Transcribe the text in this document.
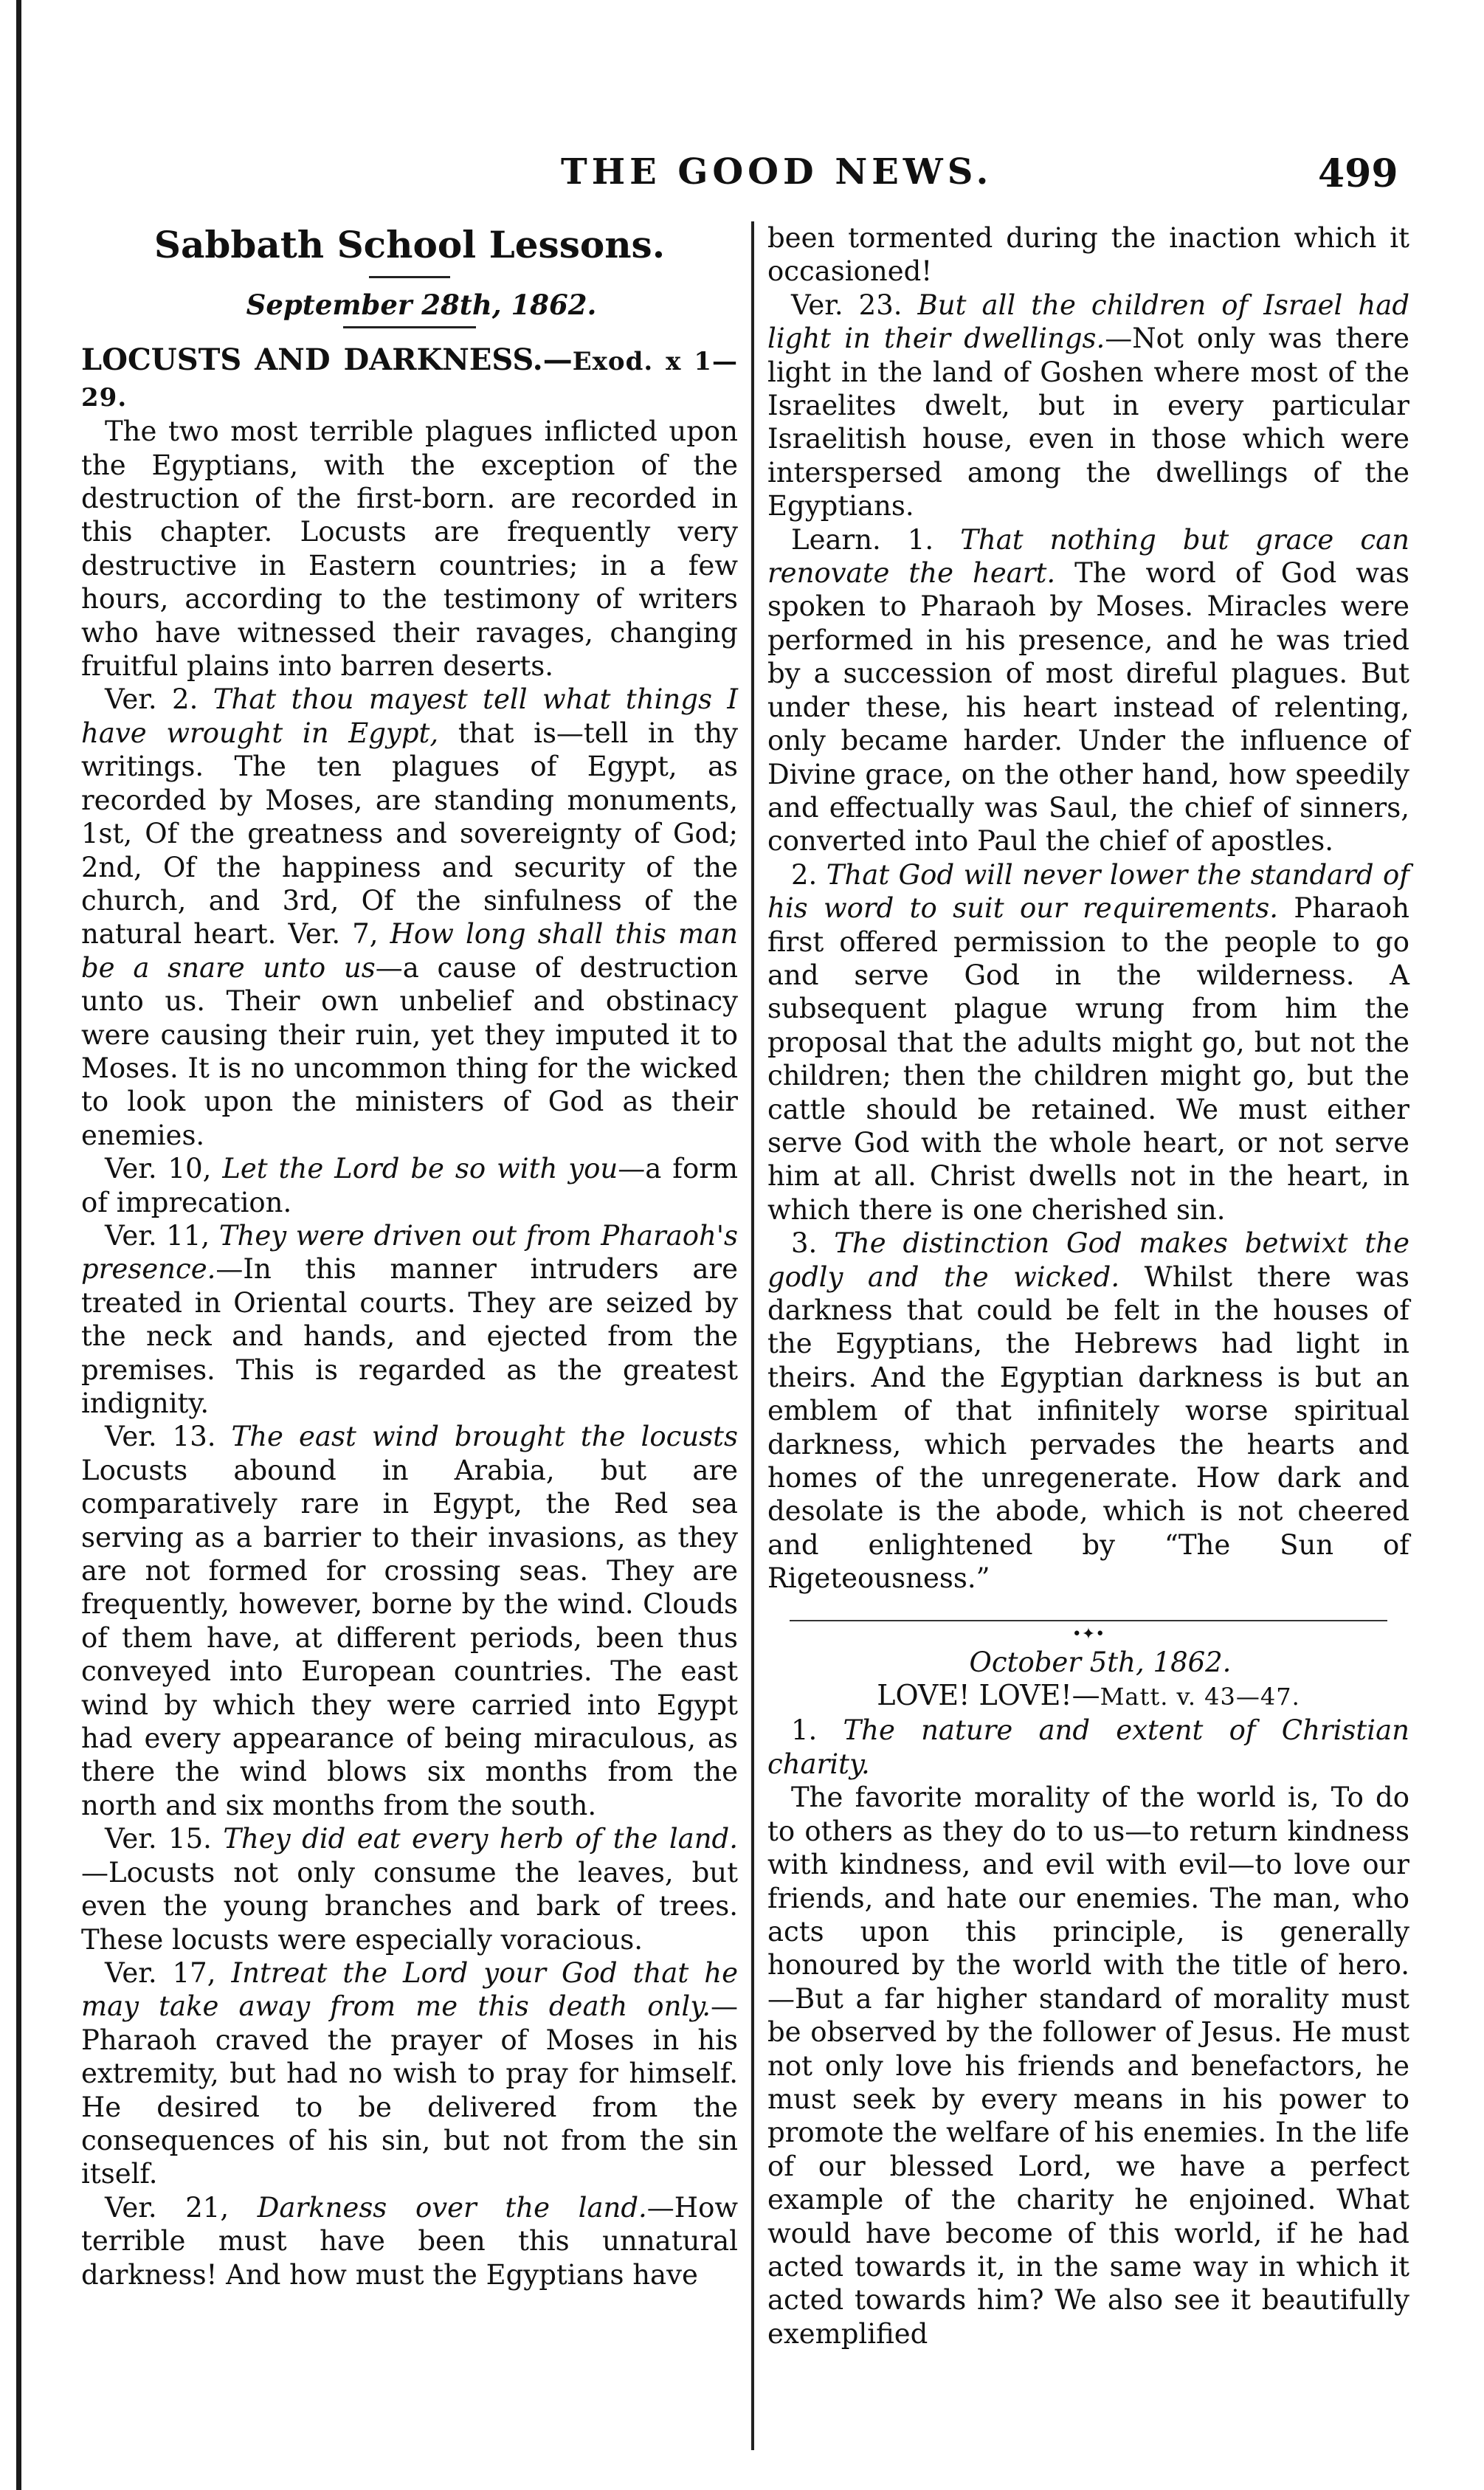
THE GOOD NEWS.	499
Sabbath School Lessons.

September 28th, 1862.

LOCUSTS AND DARKNESS.—Exod. x 1—29.

The two most terrible plagues inflicted upon the Egyptians, with the exception of the destruction of the first-born. are recorded in this chapter. Locusts are frequently very destructive in Eastern countries; in a few hours, according to the testimony of writers who have witnessed their ravages, changing fruitful plains into barren deserts.

Ver. 2. That thou mayest tell what things I have wrought in Egypt, that is—tell in thy writings. The ten plagues of Egypt, as recorded by Moses, are standing monuments, 1st, Of the greatness and sovereignty of God; 2nd, Of the happiness and security of the church, and 3rd, Of the sinfulness of the natural heart. Ver. 7, How long shall this man be a snare unto us—a cause of destruction unto us. Their own unbelief and obstinacy were causing their ruin, yet they imputed it to Moses. It is no uncommon thing for the wicked to look upon the ministers of God as their enemies.

Ver. 10, Let the Lord be so with you—a form of imprecation.

Ver. 11, They were driven out from Pharaoh's presence.—In this manner intruders are treated in Oriental courts. They are seized by the neck and hands, and ejected from the premises. This is regarded as the greatest indignity.

Ver. 13. The east wind brought the locusts Locusts abound in Arabia, but are comparatively rare in Egypt, the Red sea serving as a barrier to their invasions, as they are not formed for crossing seas. They are frequently, however, borne by the wind. Clouds of them have, at different periods, been thus conveyed into European countries. The east wind by which they were carried into Egypt had every appearance of being miraculous, as there the wind blows six months from the north and six months from the south.

Ver. 15. They did eat every herb of the land.—Locusts not only consume the leaves, but even the young branches and bark of trees. These locusts were especially voracious.

Ver. 17, Intreat the Lord your God that he may take away from me this death only.—Pharaoh craved the prayer of Moses in his extremity, but had no wish to pray for himself. He desired to be delivered from the consequences of his sin, but not from the sin itself.

Ver. 21, Darkness over the land.—How terrible must have been this unnatural darkness! And how must the Egyptians have

been tormented during the inaction which it occasioned!

Ver. 23. But all the children of Israel had light in their dwellings.—Not only was there light in the land of Goshen where most of the Israelites dwelt, but in every particular Israelitish house, even in those which were interspersed among the dwellings of the Egyptians.

Learn. 1. That nothing but grace can renovate the heart. The word of God was spoken to Pharaoh by Moses. Miracles were performed in his presence, and he was tried by a succession of most direful plagues. But under these, his heart instead of relenting, only became harder. Under the influence of Divine grace, on the other hand, how speedily and effectually was Saul, the chief of sinners, converted into Paul the chief of apostles.

2. That God will never lower the standard of his word to suit our requirements. Pharaoh first offered permission to the people to go and serve God in the wilderness. A subsequent plague wrung from him the proposal that the adults might go, but not the children; then the children might go, but the cattle should be retained. We must either serve God with the whole heart, or not serve him at all. Christ dwells not in the heart, in which there is one cherished sin.

3. The distinction God makes betwixt the godly and the wicked. Whilst there was darkness that could be felt in the houses of the Egyptians, the Hebrews had light in theirs. And the Egyptian darkness is but an emblem of that infinitely worse spiritual darkness, which pervades the hearts and homes of the unregenerate. How dark and desolate is the abode, which is not cheered and enlightened by “The Sun of Rigeteousness.”

•✦•

October 5th, 1862.

LOVE! LOVE!—Matt. v. 43—47.

1. The nature and extent of Christian charity.

The favorite morality of the world is, To do to others as they do to us—to return kindness with kindness, and evil with evil—to love our friends, and hate our enemies. The man, who acts upon this principle, is generally honoured by the world with the title of hero.—But a far higher standard of morality must be observed by the follower of Jesus. He must not only love his friends and benefactors, he must seek by every means in his power to promote the welfare of his enemies. In the life of our blessed Lord, we have a perfect example of the charity he enjoined. What would have become of this world, if he had acted towards it, in the same way in which it acted towards him? We also see it beautifully exemplified
